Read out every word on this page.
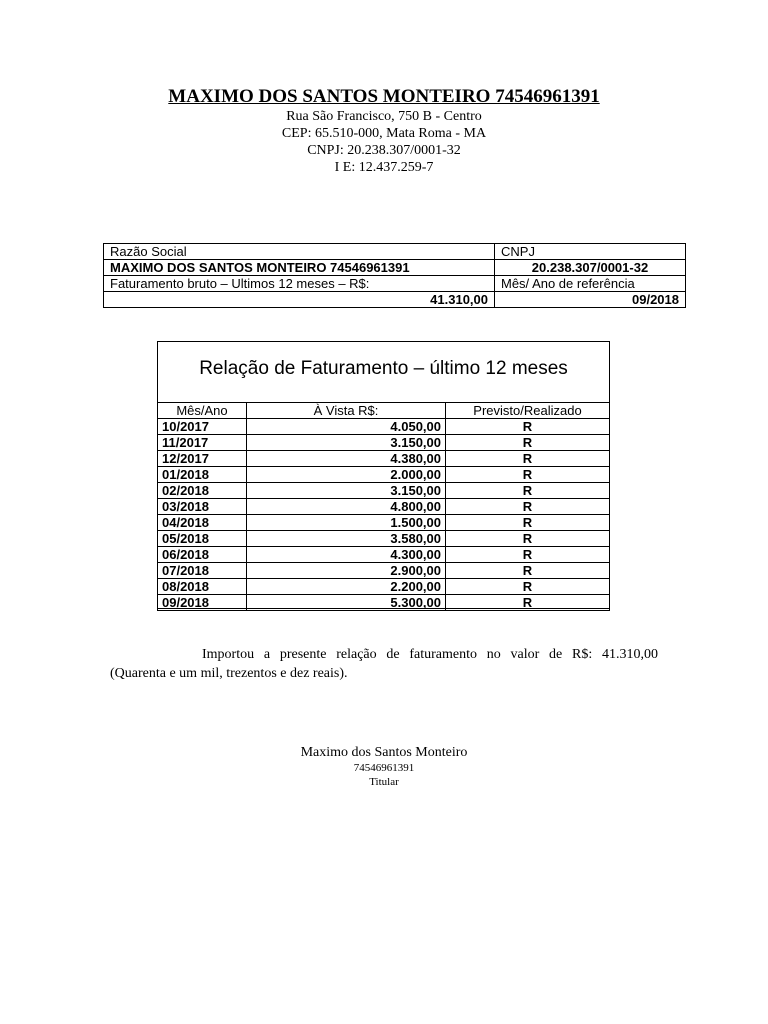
MAXIMO DOS SANTOS MONTEIRO 74546961391
Rua São Francisco, 750 B - Centro
CEP: 65.510-000, Mata Roma - MA
CNPJ: 20.238.307/0001-32
I E: 12.437.259-7
Razão Social	CNPJ
MAXIMO DOS SANTOS MONTEIRO 74546961391	20.238.307/0001-32
Faturamento bruto – Ultimos 12 meses – R$:	Mês/ Ano de referência
41.310,00	09/2018
Relação de Faturamento – último 12 meses
Mês/Ano	À Vista R$:	Previsto/Realizado
10/2017	4.050,00	R
11/2017	3.150,00	R
12/2017	4.380,00	R
01/2018	2.000,00	R
02/2018	3.150,00	R
03/2018	4.800,00	R
04/2018	1.500,00	R
05/2018	3.580,00	R
06/2018	4.300,00	R
07/2018	2.900,00	R
08/2018	2.200,00	R
09/2018	5.300,00	R
Importou a presente relação de faturamento no valor de R$: 41.310,00
(Quarenta e um mil, trezentos e dez reais).
Maximo dos Santos Monteiro
74546961391
Titular
